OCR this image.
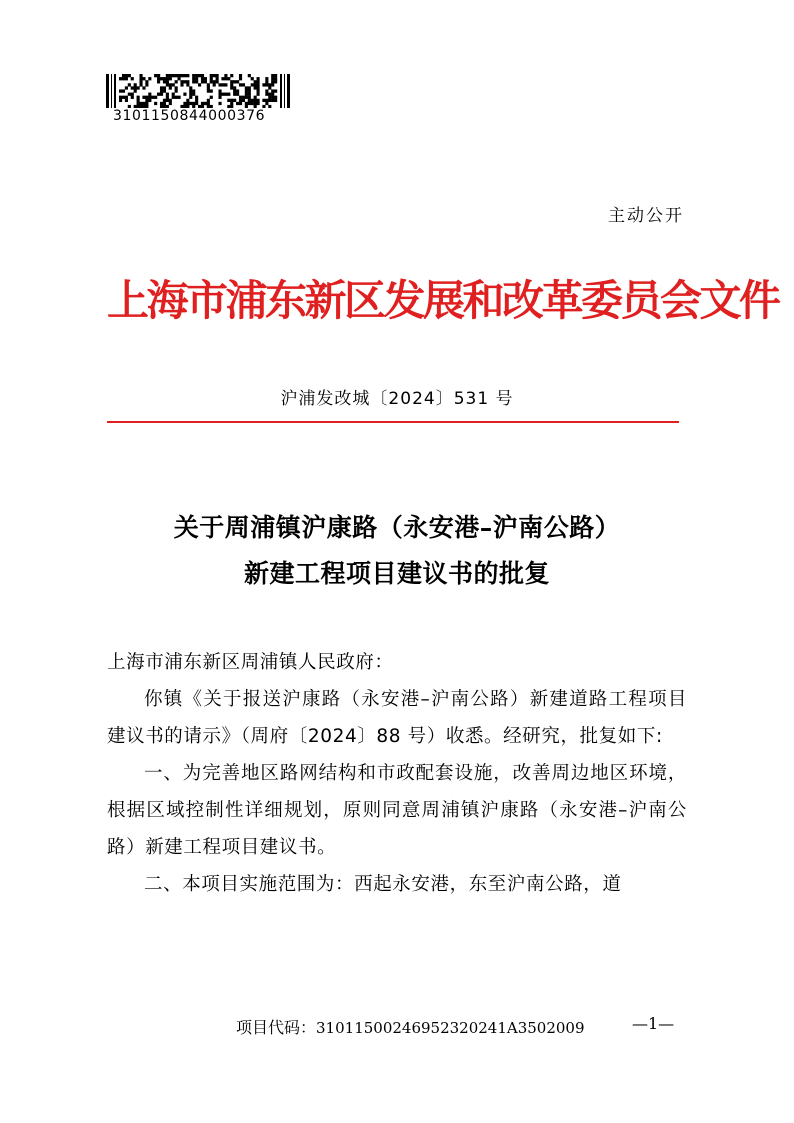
3101150844000376
主动公开
上海市浦东新区发展和改革委员会文件
沪浦发改城〔2024〕531 号
关于周浦镇沪康路（永安港–沪南公路）
新建工程项目建议书的批复

上海市浦东新区周浦镇人民政府：

你镇《关于报送沪康路（永安港–沪南公路）新建道路工程项目建议书的请示》（周府〔2024〕88 号）收悉。经研究，批复如下:

一、为完善地区路网结构和市政配套设施，改善周边地区环境，根据区域控制性详细规划，原则同意周浦镇沪康路（永安港–沪南公路）新建工程项目建议书。

二、本项目实施范围为：西起永安港，东至沪南公路，道

项目代码：31011500246952320241A3502009	—1—
